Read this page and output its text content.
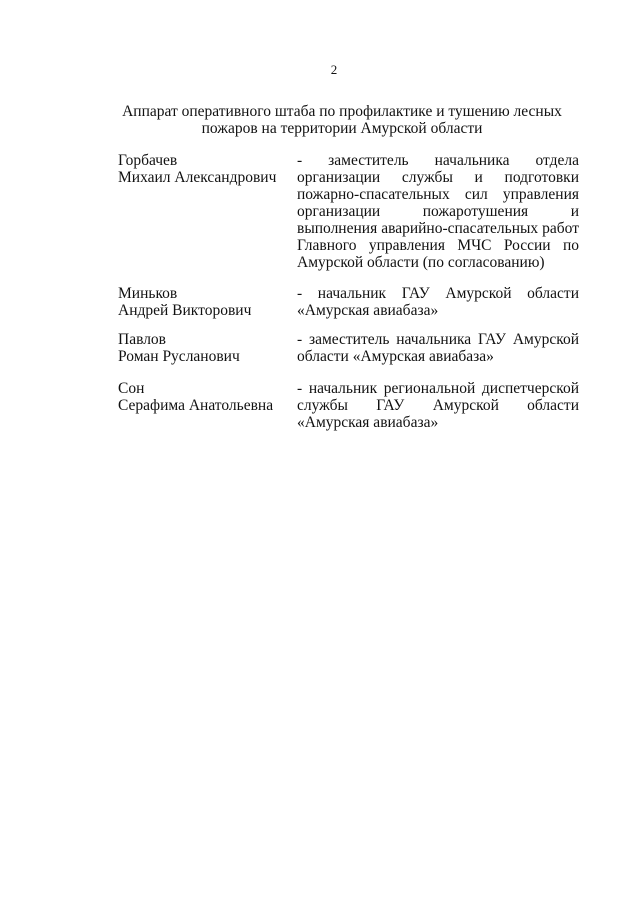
2
Аппарат оперативного штаба по профилактике и тушению лесных пожаров на территории Амурской области
Горбачев
Михаил Александрович
- заместитель начальника отдела организации службы и подготовки пожарно-спасательных сил управления организации пожаротушения и выполнения аварийно-спасательных работ Главного управления МЧС России по Амурской области (по согласованию)
Миньков
Андрей Викторович
- начальник ГАУ Амурской области «Амурская авиабаза»
Павлов
Роман Русланович
- заместитель начальника ГАУ Амурской области «Амурская авиабаза»
Сон
Серафима Анатольевна
- начальник региональной диспетчерской службы ГАУ Амурской области «Амурская авиабаза»
